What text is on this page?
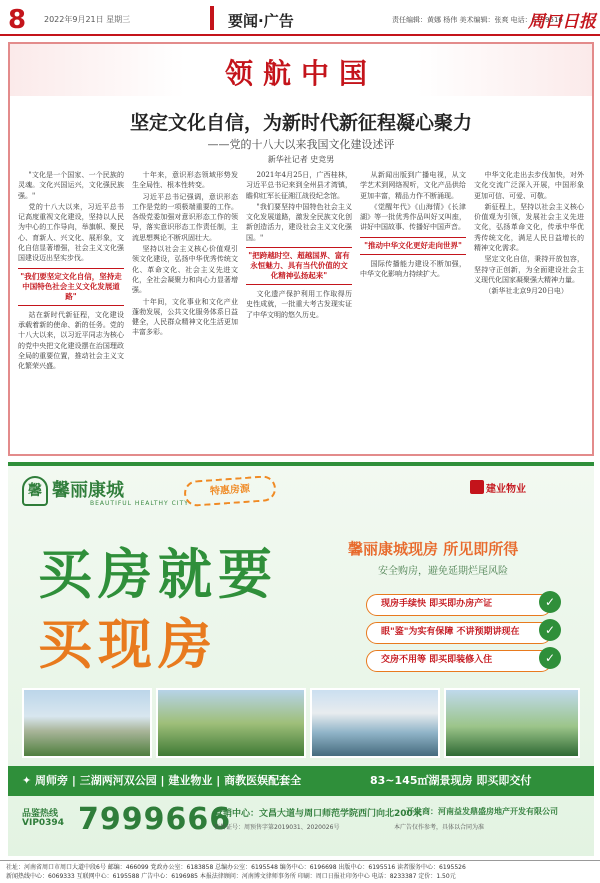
8 2022年9月21日 星期三	要闻·广告	责任编辑：黄娜 杨伟 美术编辑：张爽 电话：6199516
周口日报
领航中国
坚定文化自信，为新时代新征程凝心聚力
——党的十八大以来我国文化建设述评
新华社记者 史竞男

"文化是一个国家、一个民族的灵魂。文化兴国运兴，文化强民族强。"

党的十八大以来，习近平总书记高度重视文化建设，坚持以人民为中心的工作导向，举旗帜、聚民心、育新人、兴文化、展形象，文化自信显著增强，社会主义文化强国建设迈出坚实步伐。

"我们要坚定文化自信，坚持走中国特色社会主义文化发展道路"

站在新时代新征程，文化建设承载着新的使命、新的任务。党的十八大以来，以习近平同志为核心的党中央把文化建设摆在治国理政全局的重要位置，推动社会主义文化繁荣兴盛。

十年来，意识形态领域形势发生全局性、根本性转变。

习近平总书记强调，意识形态工作是党的一项极端重要的工作。各级党委加强对意识形态工作的领导，落实意识形态工作责任制，主流思想舆论不断巩固壮大。

坚持以社会主义核心价值观引领文化建设，弘扬中华优秀传统文化、革命文化、社会主义先进文化，全社会凝聚力和向心力显著增强。

十年间，文化事业和文化产业蓬勃发展，公共文化服务体系日益健全，人民群众精神文化生活更加丰富多彩。

2021年4月25日，广西桂林，习近平总书记来到全州县才湾镇，瞻仰红军长征湘江战役纪念馆。

"我们要坚持中国特色社会主义文化发展道路，激发全民族文化创新创造活力，建设社会主义文化强国。"

"把跨越时空、超越国界、富有永恒魅力、具有当代价值的文化精神弘扬起来"

文化遗产保护利用工作取得历史性成就，一批重大考古发现实证了中华文明的悠久历史。

从新闻出版到广播电视，从文学艺术到网络视听，文化产品供给更加丰富，精品力作不断涌现。

《觉醒年代》《山海情》《长津湖》等一批优秀作品叫好又叫座，讲好中国故事、传播好中国声音。

"推动中华文化更好走向世界"

国际传播能力建设不断加强，中华文化影响力持续扩大。

中华文化走出去步伐加快，对外文化交流广泛深入开展，中国形象更加可信、可爱、可敬。

新征程上，坚持以社会主义核心价值观为引领，发展社会主义先进文化，弘扬革命文化，传承中华优秀传统文化，满足人民日益增长的精神文化需求。

坚定文化自信，秉持开放包容，坚持守正创新，为全面建设社会主义现代化国家凝聚强大精神力量。

（新华社北京9月20日电）

馨 馨丽康城
BEAUTIFUL HEALTHY CITY
特惠房源	建业物业
买房就要
买现房
馨丽康城现房 所见即所得
安全购房，避免延期烂尾风险
现房手续快 即买即办房产证	✓
眼"鉴"为实有保障 不讲预期讲现在	✓
交房不用等 即买即装修入住	✓
✦ 周师旁 | 三湖两河双公园 | 建业物业 | 商教医娱配套全	83~145㎡湖景现房 即买即交付
品鉴热线
VIP0394 7999666
营销中心：文昌大道与周口师范学院西门向北200米
开发商：河南益发鼎盛房地产开发有限公司
预售证号：周预售字第2019031、2020026号	本广告仅作参考，具体以合同为准
社址：河南省周口市周口大道中段6号 邮编：466099 党政办公室：6183858 总编办公室：6195548 编务中心：6196698 出版中心：6195516 读者服务中心：6195526
新闻热线中心：6069333 互联网中心：6195588 广告中心：6196985 本报法律顾问：河南博文律师事务所 印刷：周口日报社印务中心 电话：8233387 定价：1.50元
